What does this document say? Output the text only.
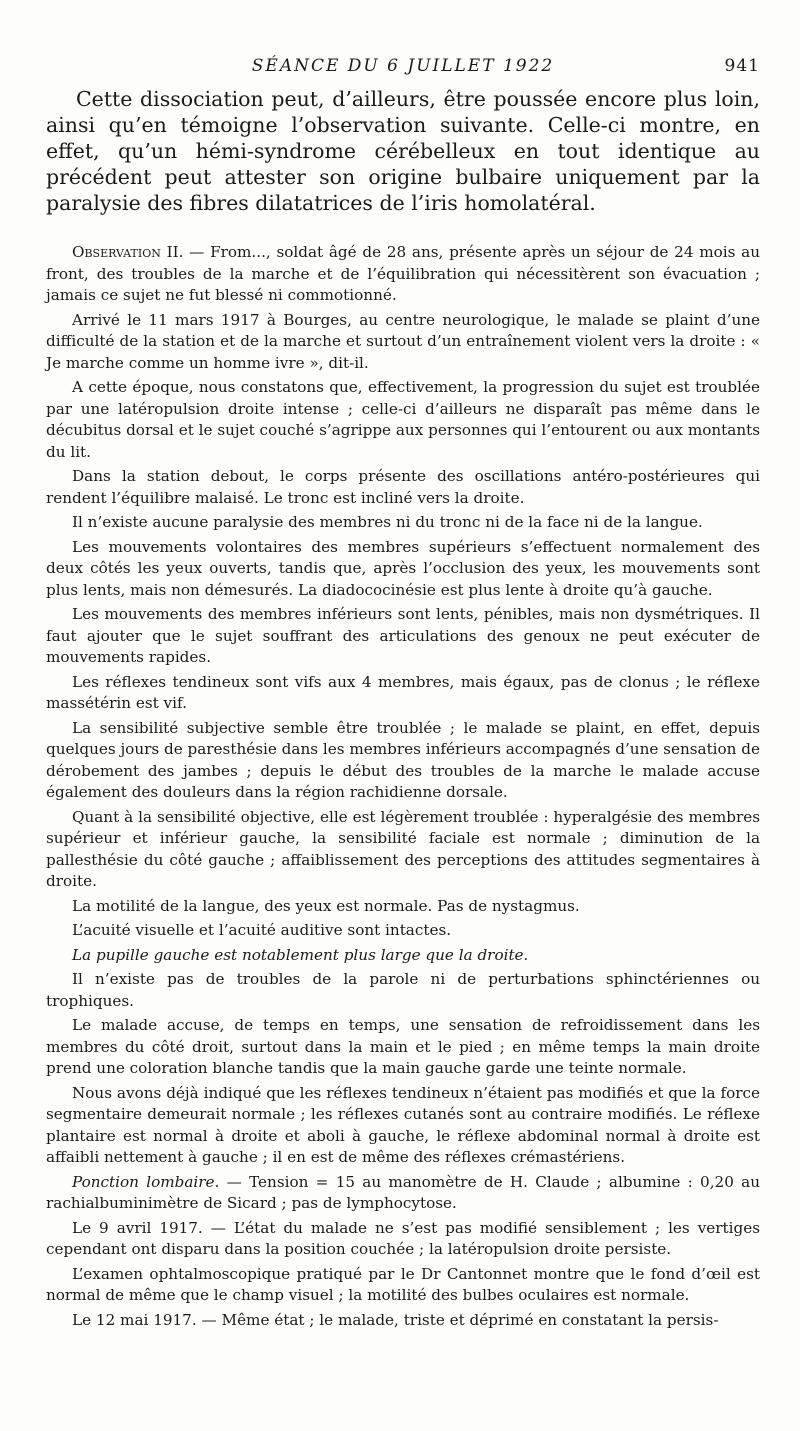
SÉANCE DU 6 JUILLET 1922	941

Cette dissociation peut, d’ailleurs, être poussée encore plus loin, ainsi qu’en témoigne l’observation suivante. Celle-ci montre, en effet, qu’un hémi-syndrome cérébelleux en tout identique au précédent peut attester son origine bulbaire uniquement par la paralysie des fibres dilatatrices de l’iris homolatéral.

Observation II. — From..., soldat âgé de 28 ans, présente après un séjour de 24 mois au front, des troubles de la marche et de l’équilibration qui nécessitèrent son évacuation ; jamais ce sujet ne fut blessé ni commotionné.

Arrivé le 11 mars 1917 à Bourges, au centre neurologique, le malade se plaint d’une difficulté de la station et de la marche et surtout d’un entraînement violent vers la droite : « Je marche comme un homme ivre », dit-il.

A cette époque, nous constatons que, effectivement, la progression du sujet est troublée par une latéropulsion droite intense ; celle-ci d’ailleurs ne disparaît pas même dans le décubitus dorsal et le sujet couché s’agrippe aux personnes qui l’entourent ou aux montants du lit.

Dans la station debout, le corps présente des oscillations antéro-postérieures qui rendent l’équilibre malaisé. Le tronc est incliné vers la droite.

Il n’existe aucune paralysie des membres ni du tronc ni de la face ni de la langue.

Les mouvements volontaires des membres supérieurs s’effectuent normalement des deux côtés les yeux ouverts, tandis que, après l’occlusion des yeux, les mouvements sont plus lents, mais non démesurés. La diadococinésie est plus lente à droite qu’à gauche.

Les mouvements des membres inférieurs sont lents, pénibles, mais non dysmétriques. Il faut ajouter que le sujet souffrant des articulations des genoux ne peut exécuter de mouvements rapides.

Les réflexes tendineux sont vifs aux 4 membres, mais égaux, pas de clonus ; le réflexe massétérin est vif.

La sensibilité subjective semble être troublée ; le malade se plaint, en effet, depuis quelques jours de paresthésie dans les membres inférieurs accompagnés d’une sensation de dérobement des jambes ; depuis le début des troubles de la marche le malade accuse également des douleurs dans la région rachidienne dorsale.

Quant à la sensibilité objective, elle est légèrement troublée : hyperalgésie des membres supérieur et inférieur gauche, la sensibilité faciale est normale ; diminution de la pallesthésie du côté gauche ; affaiblissement des perceptions des attitudes segmentaires à droite.

La motilité de la langue, des yeux est normale. Pas de nystagmus.

L’acuité visuelle et l’acuité auditive sont intactes.

La pupille gauche est notablement plus large que la droite.

Il n’existe pas de troubles de la parole ni de perturbations sphinctériennes ou trophiques.

Le malade accuse, de temps en temps, une sensation de refroidissement dans les membres du côté droit, surtout dans la main et le pied ; en même temps la main droite prend une coloration blanche tandis que la main gauche garde une teinte normale.

Nous avons déjà indiqué que les réflexes tendineux n’étaient pas modifiés et que la force segmentaire demeurait normale ; les réflexes cutanés sont au contraire modifiés. Le réflexe plantaire est normal à droite et aboli à gauche, le réflexe abdominal normal à droite est affaibli nettement à gauche ; il en est de même des réflexes crémastériens.

Ponction lombaire. — Tension = 15 au manomètre de H. Claude ; albumine : 0,20 au rachialbuminimètre de Sicard ; pas de lymphocytose.

Le 9 avril 1917. — L’état du malade ne s’est pas modifié sensiblement ; les vertiges cependant ont disparu dans la position couchée ; la latéropulsion droite persiste.

L’examen ophtalmoscopique pratiqué par le Dr Cantonnet montre que le fond d’œil est normal de même que le champ visuel ; la motilité des bulbes oculaires est normale.

Le 12 mai 1917. — Même état ; le malade, triste et déprimé en constatant la persis-
